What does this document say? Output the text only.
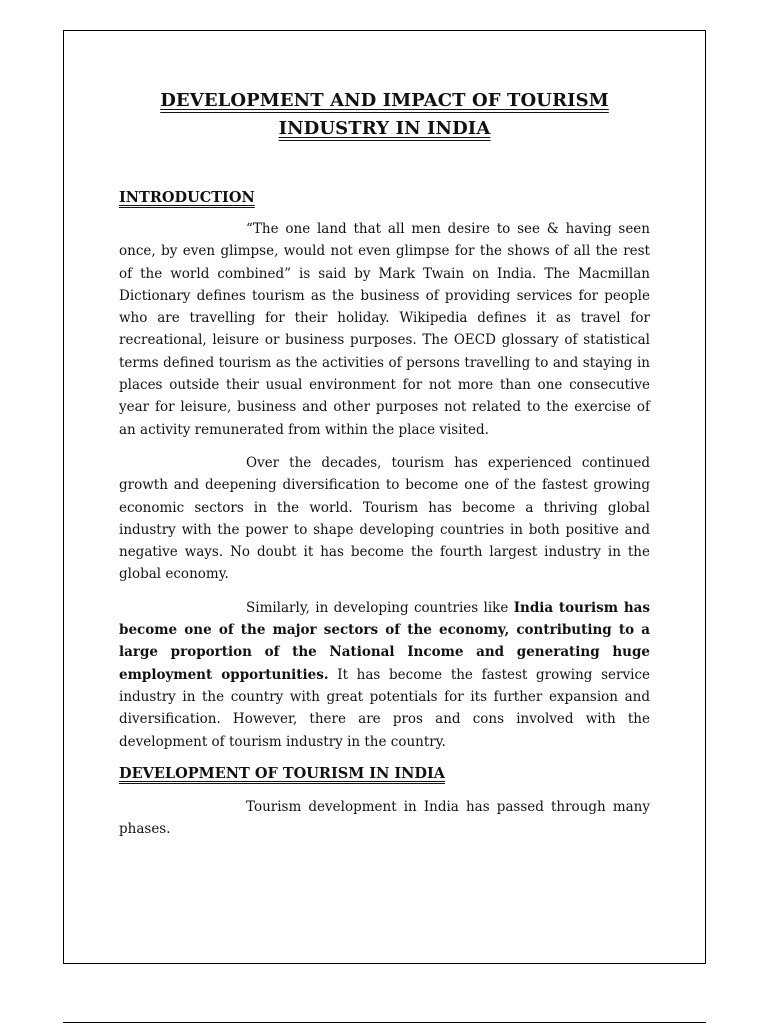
DEVELOPMENT AND IMPACT OF TOURISM
INDUSTRY IN INDIA
INTRODUCTION

“The one land that all men desire to see & having seen once, by even glimpse, would not even glimpse for the shows of all the rest of the world combined” is said by Mark Twain on India. The Macmillan Dictionary defines tourism as the business of providing services for people who are travelling for their holiday. Wikipedia defines it as travel for recreational, leisure or business purposes. The OECD glossary of statistical terms defined tourism as the activities of persons travelling to and staying in places outside their usual environment for not more than one consecutive year for leisure, business and other purposes not related to the exercise of an activity remunerated from within the place visited.

Over the decades, tourism has experienced continued growth and deepening diversification to become one of the fastest growing economic sectors in the world. Tourism has become a thriving global industry with the power to shape developing countries in both positive and negative ways. No doubt it has become the fourth largest industry in the global economy.

Similarly, in developing countries like India tourism has become one of the major sectors of the economy, contributing to a large proportion of the National Income and generating huge employment opportunities. It has become the fastest growing service industry in the country with great potentials for its further expansion and diversification. However, there are pros and cons involved with the development of tourism industry in the country.

DEVELOPMENT OF TOURISM IN INDIA

Tourism development in India has passed through many phases.
